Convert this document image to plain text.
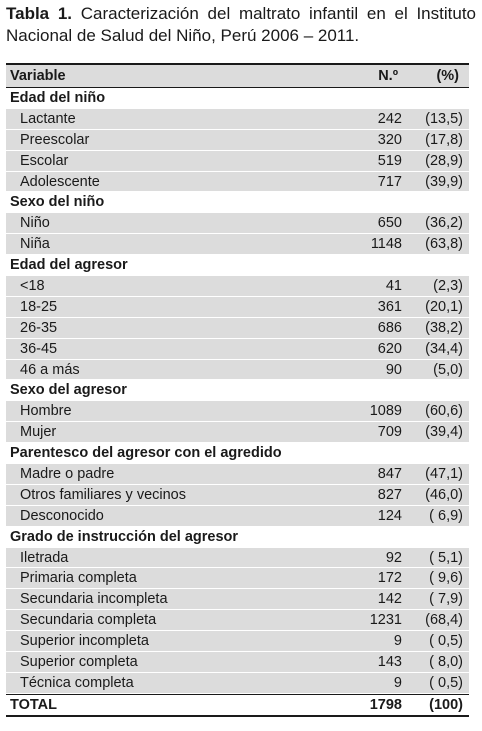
Tabla 1. Caracterización del maltrato infantil en el Instituto Nacional de Salud del Niño, Perú 2006 – 2011.
Variable	N.º	(%)
Edad del niño
Lactante	242	(13,5)
Preescolar	320	(17,8)
Escolar	519	(28,9)
Adolescente	717	(39,9)
Sexo del niño
Niño	650	(36,2)
Niña	1148	(63,8)
Edad del agresor
<18	41	(2,3)
18-25	361	(20,1)
26-35	686	(38,2)
36-45	620	(34,4)
46 a más	90	(5,0)
Sexo del agresor
Hombre	1089	(60,6)
Mujer	709	(39,4)
Parentesco del agresor con el agredido
Madre o padre	847	(47,1)
Otros familiares y vecinos	827	(46,0)
Desconocido	124	( 6,9)
Grado de instrucción del agresor
Iletrada	92	( 5,1)
Primaria completa	172	( 9,6)
Secundaria incompleta	142	( 7,9)
Secundaria completa	1231	(68,4)
Superior incompleta	9	( 0,5)
Superior completa	143	( 8,0)
Técnica completa	9	( 0,5)
TOTAL	1798	(100)
